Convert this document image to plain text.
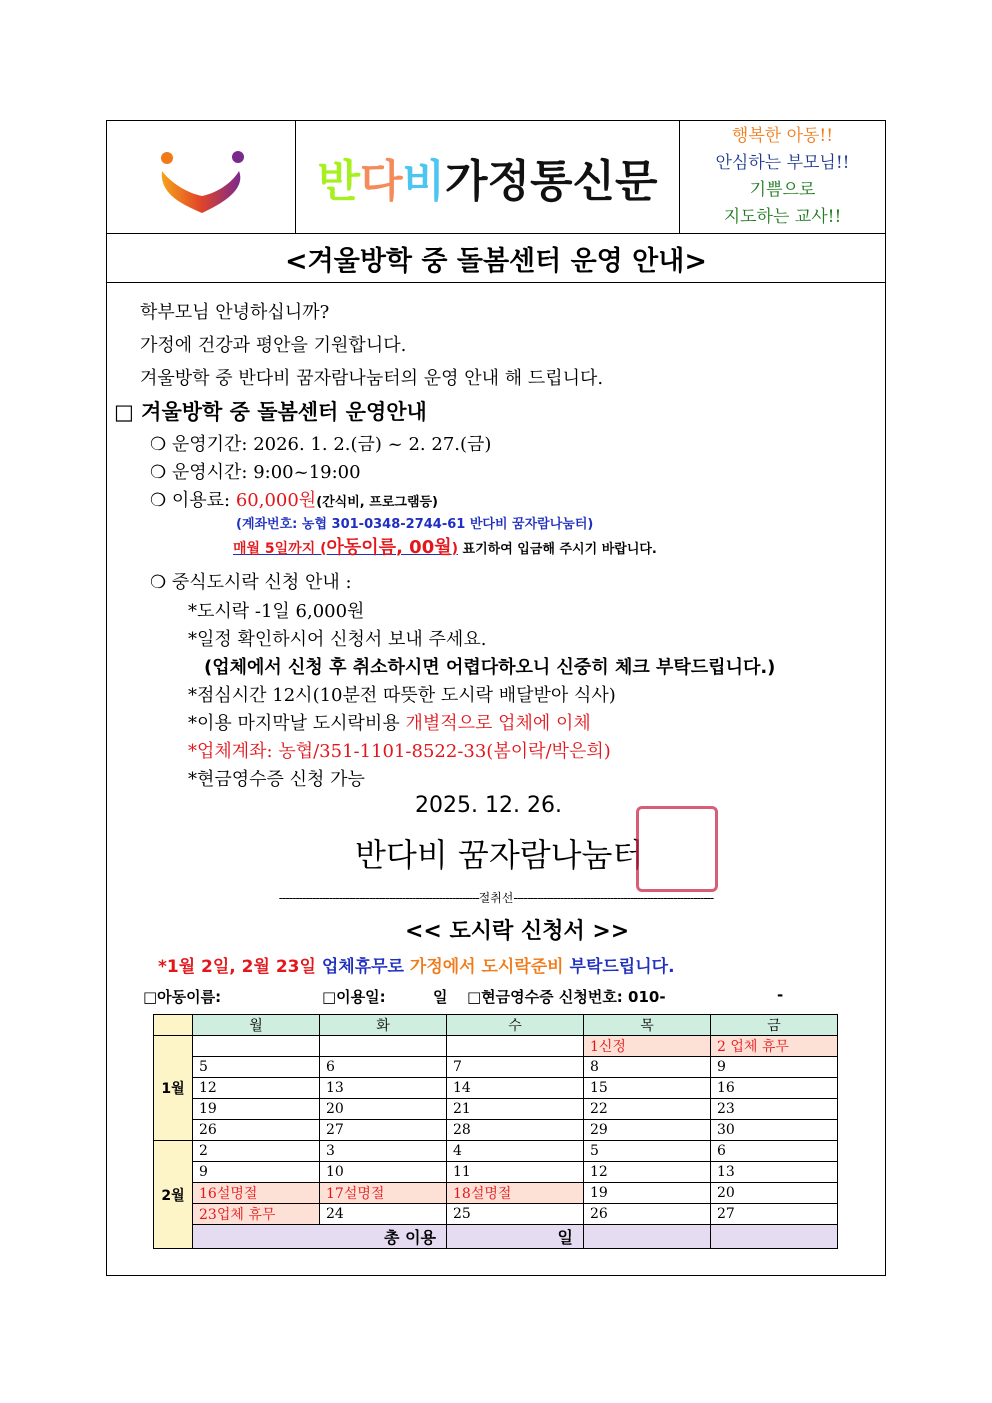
반 다 비 가정통신문
행복한 아동!!
안심하는 부모님!!
기쁨으로
지도하는 교사!!
<겨울방학 중 돌봄센터 운영 안내>
학부모님 안녕하십니까?
가정에 건강과 평안을 기원합니다.
겨울방학 중 반다비 꿈자람나눔터의 운영 안내 해 드립니다.
□ 겨울방학 중 돌봄센터 운영안내
❍ 운영기간: 2026. 1. 2.(금) ~ 2. 27.(금)
❍ 운영시간: 9:00~19:00
❍ 이용료: 60,000원(간식비, 프로그램등)
(계좌번호: 농협 301-0348-2744-61 반다비 꿈자람나눔터)
매월 5일까지 (아동이름, 00월) 표기하여 입금해 주시기 바랍니다.
❍ 중식도시락 신청 안내 :
*도시락 -1일 6,000원
*일정 확인하시어 신청서 보내 주세요.
(업체에서 신청 후 취소하시면 어렵다하오니 신중히 체크 부탁드립니다.)
*점심시간 12시(10분전 따뜻한 도시락 배달받아 식사)
*이용 마지막날 도시락비용 개별적으로 업체에 이체
*업체계좌: 농협/351-1101-8522-33(봄이락/박은희)
*현금영수증 신청 가능
2025. 12. 26.
반다비 꿈자람나눔터
------------------------------------------------------------절취선------------------------------------------------------------
<< 도시락 신청서 >>
*1월 2일, 2월 23일 업체휴무로 가정에서 도시락준비 부탁드립니다.
□아동이름:	□이용일:	일 □현금영수증 신청번호: 010-	-
	월	화	수	목	금
1월				1신정	2 업체 휴무
	5	6	7	8	9
	12	13	14	15	16
	19	20	21	22	23
	26	27	28	29	30
2월	2	3	4	5	6
	9	10	11	12	13
	16설명절	17설명절	18설명절	19	20
	23업체 휴무	24	25	26	27
	총 이용		일		
